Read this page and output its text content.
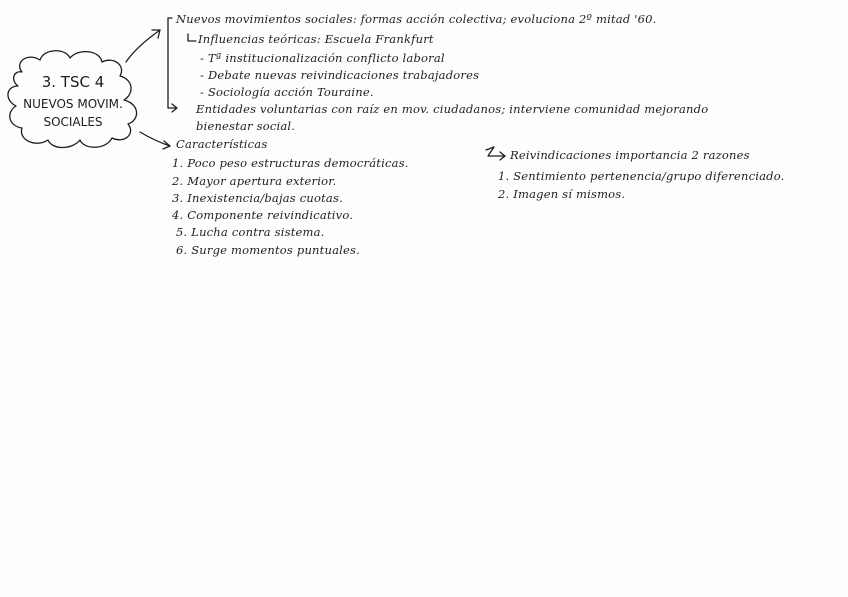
3. TSC 4
NUEVOS MOVIM.
SOCIALES
Nuevos movimientos sociales: formas acción colectiva; evoluciona 2º mitad '60.
Influencias teóricas: Escuela Frankfurt
- Tª institucionalización conflicto laboral
- Debate nuevas reivindicaciones trabajadores
- Sociología acción Touraine.
Entidades voluntarias con raíz en mov. ciudadanos; interviene comunidad mejorando
bienestar social.
Características
1. Poco peso estructuras democráticas.
2. Mayor apertura exterior.
3. Inexistencia/bajas cuotas.
4. Componente reivindicativo.
5. Lucha contra sistema.
6. Surge momentos puntuales.
Reivindicaciones importancia 2 razones
1. Sentimiento pertenencia/grupo diferenciado.
2. Imagen sí mismos.
